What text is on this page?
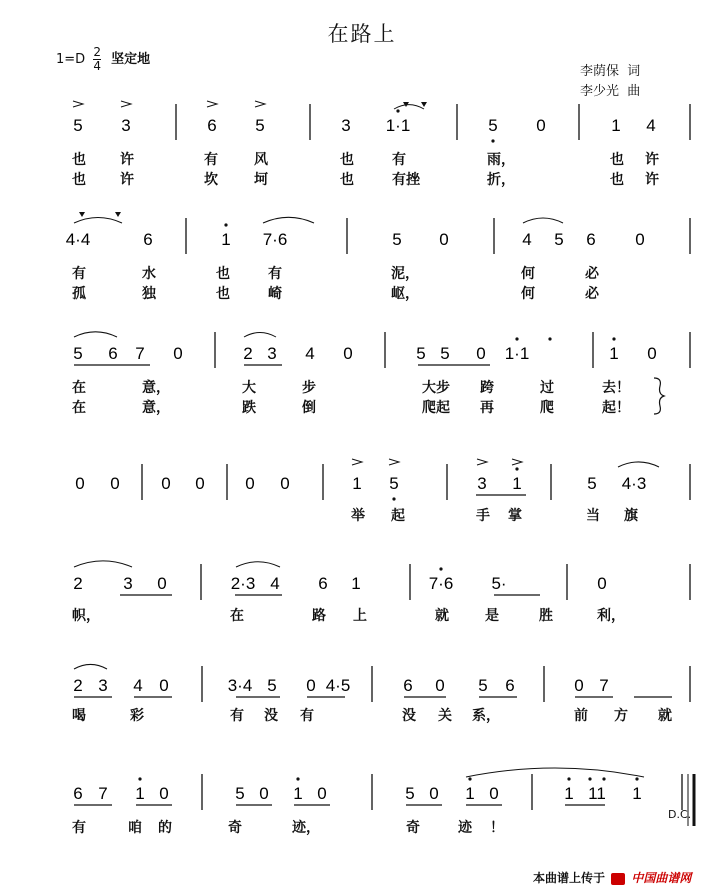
在路上
$1=D \frac{2}{4}$ 坚定地
李荫保  词
李少光  曲
5 3	6 5	3 1·1	5 0	1 4
4·4	6	1 7·6	5 0	4 5 6 0
5 6 7 0	2 3 4 0	5 5 0 1·1	1 0
0 0 0 0 0 0	1 5	3 1	5 4·3
2 3 0	2·3 4 6 1	7·6 5·	0
2 3 4 0	3·4 5 0 4·5	6 0 5 6	0 7
6 7 1 0	5 0 1 0	5 0 1 0	1 11 1
也 许	有	风	也	有	雨，	也 许
也 许	坎	坷	也	有挫	折，	也 许
有	水	也	有	泥，	何	必
孤	独	也	崎	岖，	何	必
在	意，	大	步	大步 跨	过	去！
在	意，	跌	倒	爬起 再	爬	起！
举 起	手 掌	当 旗
帜，	在	路 上	就	是	胜	利，
喝	彩	有 没 有	没 关 系，	前 方 就
有	咱 的	奇	迹，	奇	迹 ！
D.C.
本曲谱上传于 中国曲谱网
